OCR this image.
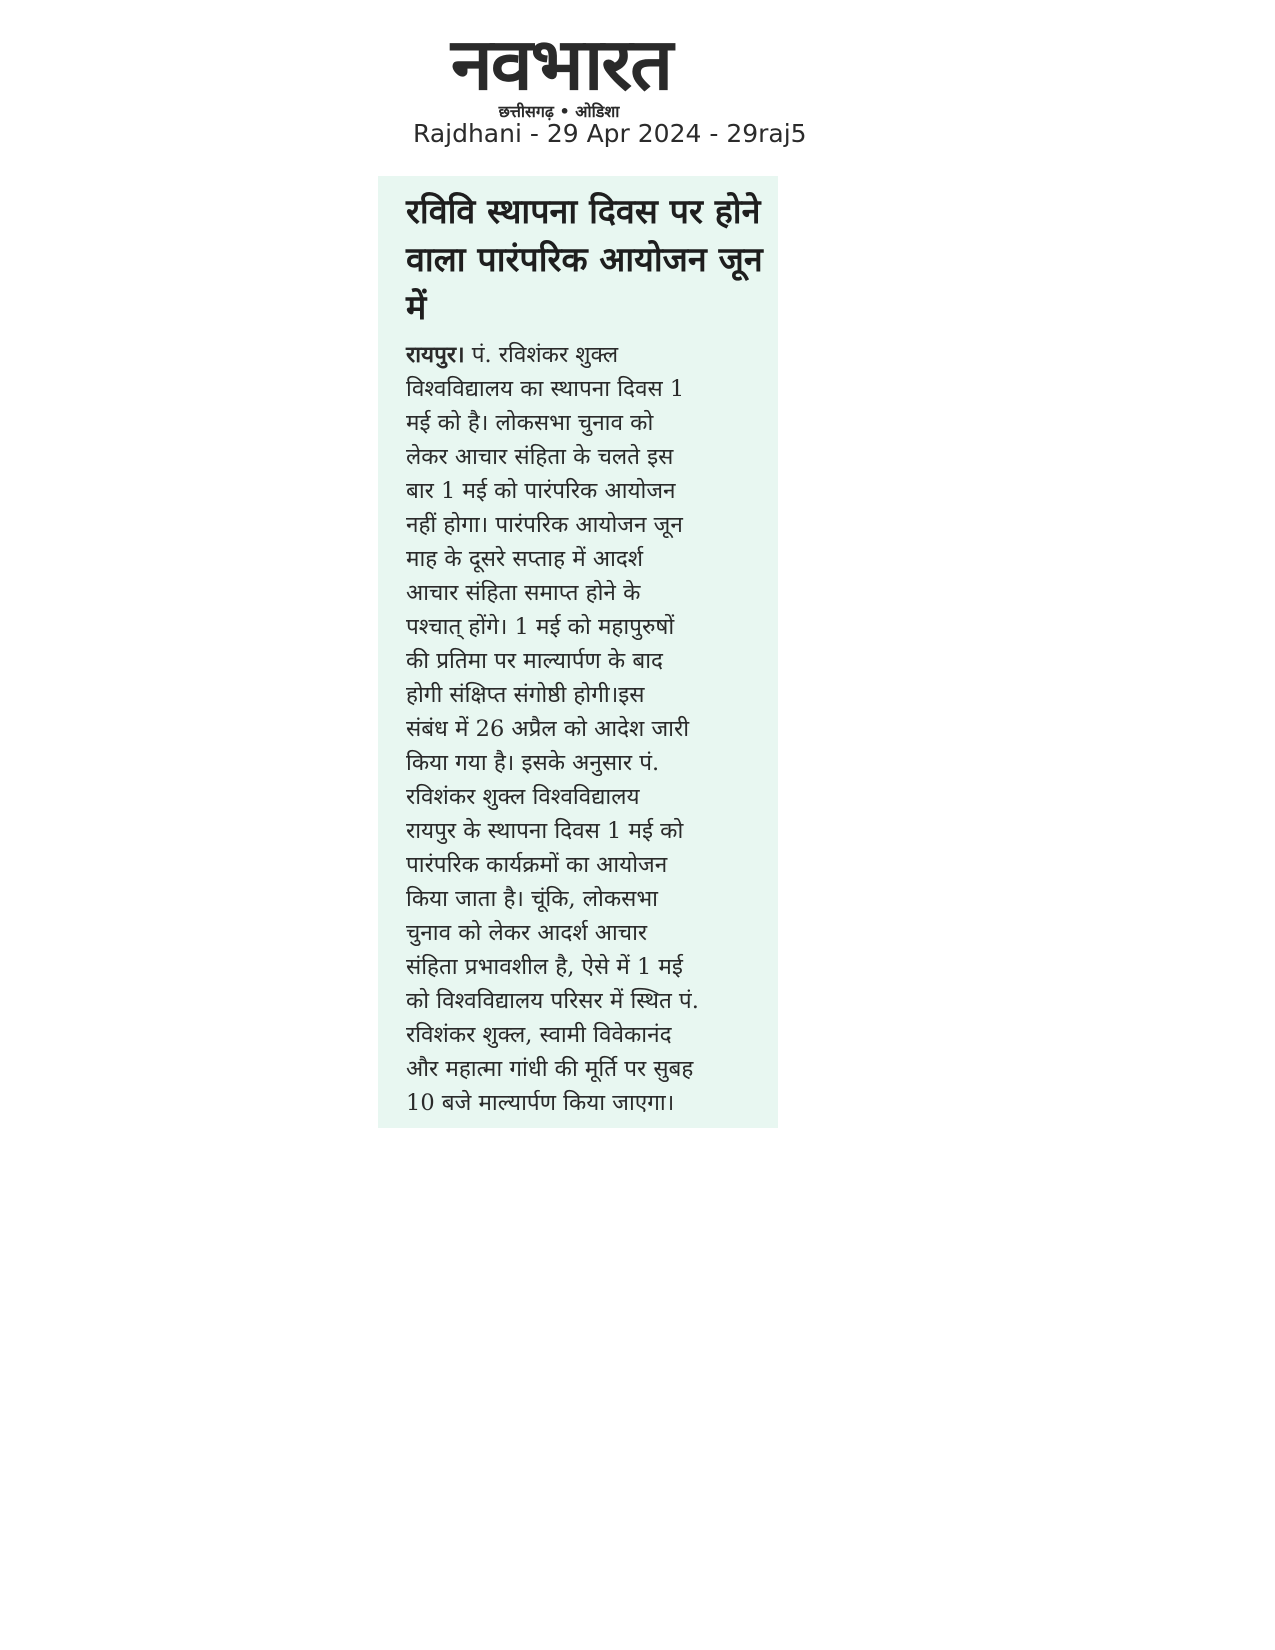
नवभारत
छत्तीसगढ़ • ओडिशा
Rajdhani - 29 Apr 2024 - 29raj5
रविवि स्थापना दिवस पर होने वाला पारंपरिक आयोजन जून में
रायपुर। पं. रविशंकर शुक्ल
विश्वविद्यालय का स्थापना दिवस 1
मई को है। लोकसभा चुनाव को
लेकर आचार संहिता के चलते इस
बार 1 मई को पारंपरिक आयोजन
नहीं होगा। पारंपरिक आयोजन जून
माह के दूसरे सप्ताह में आदर्श
आचार संहिता समाप्त होने के
पश्चात् होंगे। 1 मई को महापुरुषों
की प्रतिमा पर माल्यार्पण के बाद
होगी संक्षिप्त संगोष्ठी होगी।इस
संबंध में 26 अप्रैल को आदेश जारी
किया गया है। इसके अनुसार पं.
रविशंकर शुक्ल विश्वविद्यालय
रायपुर के स्थापना दिवस 1 मई को
पारंपरिक कार्यक्रमों का आयोजन
किया जाता है। चूंकि, लोकसभा
चुनाव को लेकर आदर्श आचार
संहिता प्रभावशील है, ऐसे में 1 मई
को विश्वविद्यालय परिसर में स्थित पं.
रविशंकर शुक्ल, स्वामी विवेकानंद
और महात्मा गांधी की मूर्ति पर सुबह
10 बजे माल्यार्पण किया जाएगा।
